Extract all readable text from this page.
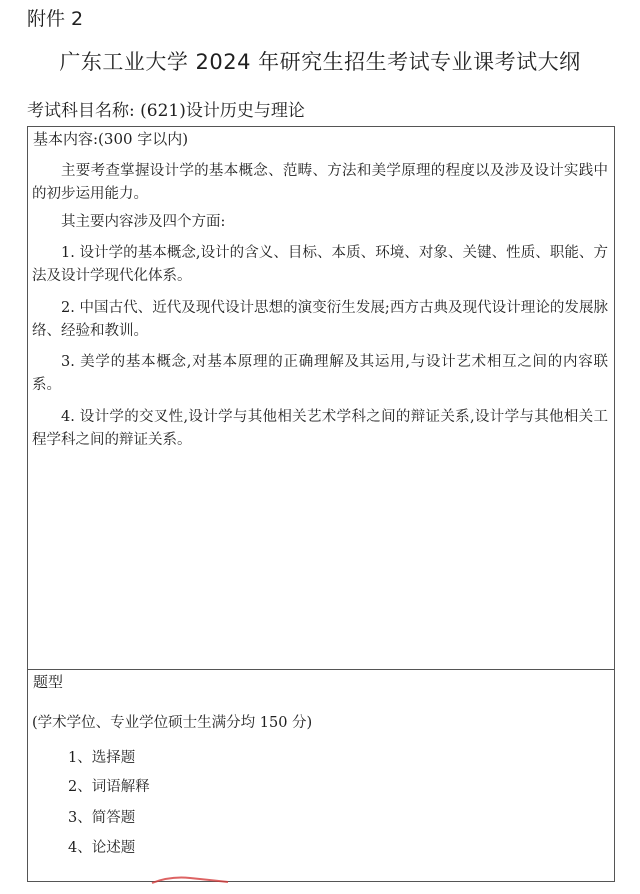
附件 2
广东工业大学 2024 年研究生招生考试专业课考试大纲
考试科目名称: (621)设计历史与理论
基本内容:(300 字以内)

主要考查掌握设计学的基本概念、范畴、方法和美学原理的程度以及涉及设计实践中的初步运用能力。

其主要内容涉及四个方面:

1. 设计学的基本概念,设计的含义、目标、本质、环境、对象、关键、性质、职能、方法及设计学现代化体系。

2. 中国古代、近代及现代设计思想的演变衍生发展;西方古典及现代设计理论的发展脉络、经验和教训。

3. 美学的基本概念,对基本原理的正确理解及其运用,与设计艺术相互之间的内容联系。

4. 设计学的交叉性,设计学与其他相关艺术学科之间的辩证关系,设计学与其他相关工程学科之间的辩证关系。

题型
(学术学位、专业学位硕士生满分均 150 分)
1、选择题
2、词语解释
3、简答题
4、论述题
